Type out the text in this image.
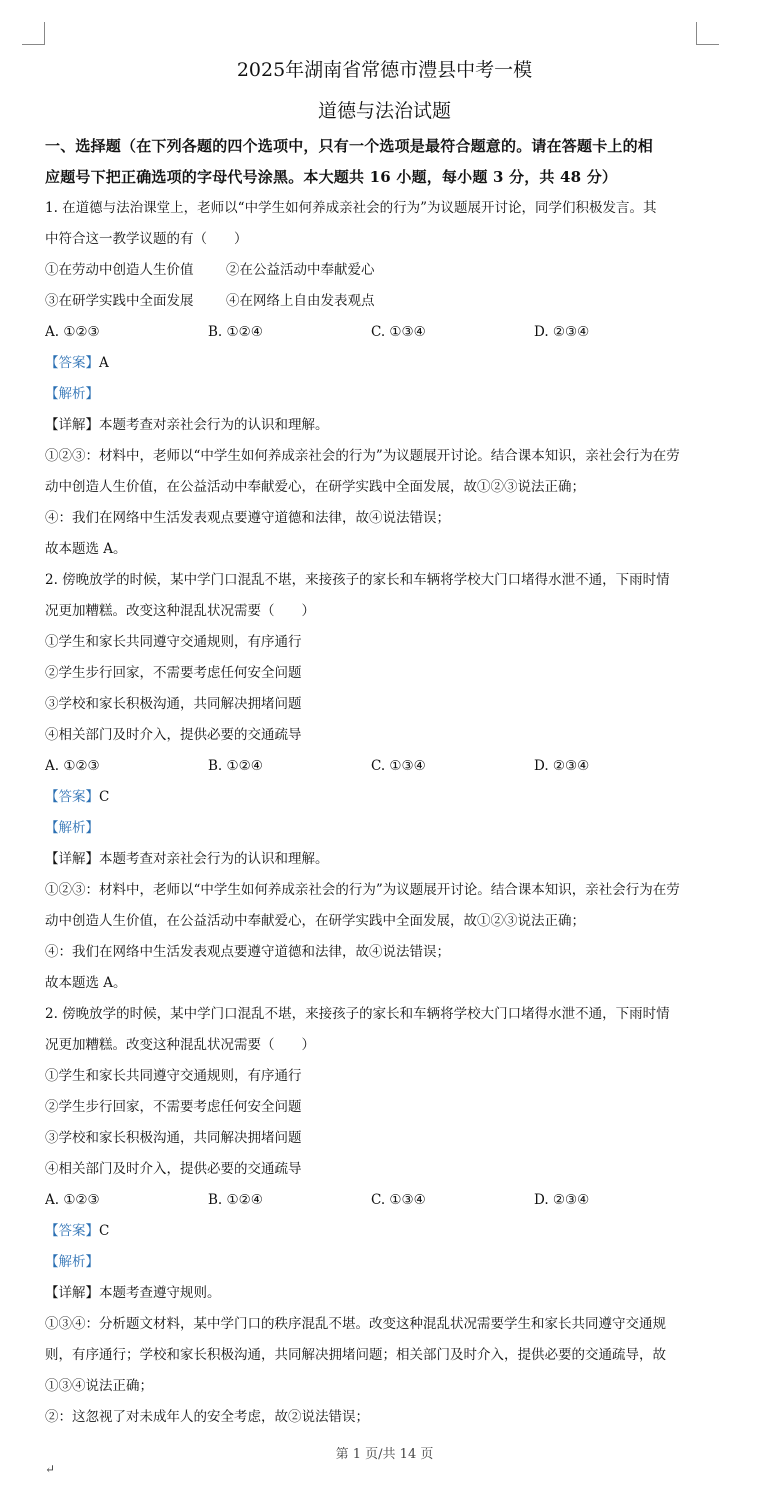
2025年湖南省常德市澧县中考一模
道德与法治试题
一、选择题（在下列各题的四个选项中，只有一个选项是最符合题意的。请在答题卡上的相
应题号下把正确选项的字母代号涂黑。本大题共 16 小题，每小题 3 分，共 48 分）
1. 在道德与法治课堂上，老师以“中学生如何养成亲社会的行为”为议题展开讨论，同学们积极发言。其
中符合这一教学议题的有（　　）
①在劳动中创造人生价值 ②在公益活动中奉献爱心
③在研学实践中全面发展 ④在网络上自由发表观点
A. ①②③	B. ①②④	C. ①③④	D. ②③④
【答案】A
【解析】
【详解】本题考查对亲社会行为的认识和理解。
①②③：材料中，老师以“中学生如何养成亲社会的行为”为议题展开讨论。结合课本知识，亲社会行为在劳
动中创造人生价值，在公益活动中奉献爱心，在研学实践中全面发展，故①②③说法正确；
④：我们在网络中生活发表观点要遵守道德和法律，故④说法错误；
故本题选 A。
2. 傍晚放学的时候，某中学门口混乱不堪，来接孩子的家长和车辆将学校大门口堵得水泄不通，下雨时情
况更加糟糕。改变这种混乱状况需要（　　）
①学生和家长共同遵守交通规则，有序通行
②学生步行回家，不需要考虑任何安全问题
③学校和家长积极沟通，共同解决拥堵问题
④相关部门及时介入，提供必要的交通疏导
A. ①②③	B. ①②④	C. ①③④	D. ②③④
【答案】C
【解析】
【详解】本题考查对亲社会行为的认识和理解。
①②③：材料中，老师以“中学生如何养成亲社会的行为”为议题展开讨论。结合课本知识，亲社会行为在劳
动中创造人生价值，在公益活动中奉献爱心，在研学实践中全面发展，故①②③说法正确；
④：我们在网络中生活发表观点要遵守道德和法律，故④说法错误；
故本题选 A。
2. 傍晚放学的时候，某中学门口混乱不堪，来接孩子的家长和车辆将学校大门口堵得水泄不通，下雨时情
况更加糟糕。改变这种混乱状况需要（　　）
①学生和家长共同遵守交通规则，有序通行
②学生步行回家，不需要考虑任何安全问题
③学校和家长积极沟通，共同解决拥堵问题
④相关部门及时介入，提供必要的交通疏导
A. ①②③	B. ①②④	C. ①③④	D. ②③④
【答案】C
【解析】
【详解】本题考查遵守规则。
①③④：分析题文材料，某中学门口的秩序混乱不堪。改变这种混乱状况需要学生和家长共同遵守交通规
则，有序通行；学校和家长积极沟通，共同解决拥堵问题；相关部门及时介入，提供必要的交通疏导，故
①③④说法正确；
②：这忽视了对未成年人的安全考虑，故②说法错误；
第 1 页/共 14 页
↵
